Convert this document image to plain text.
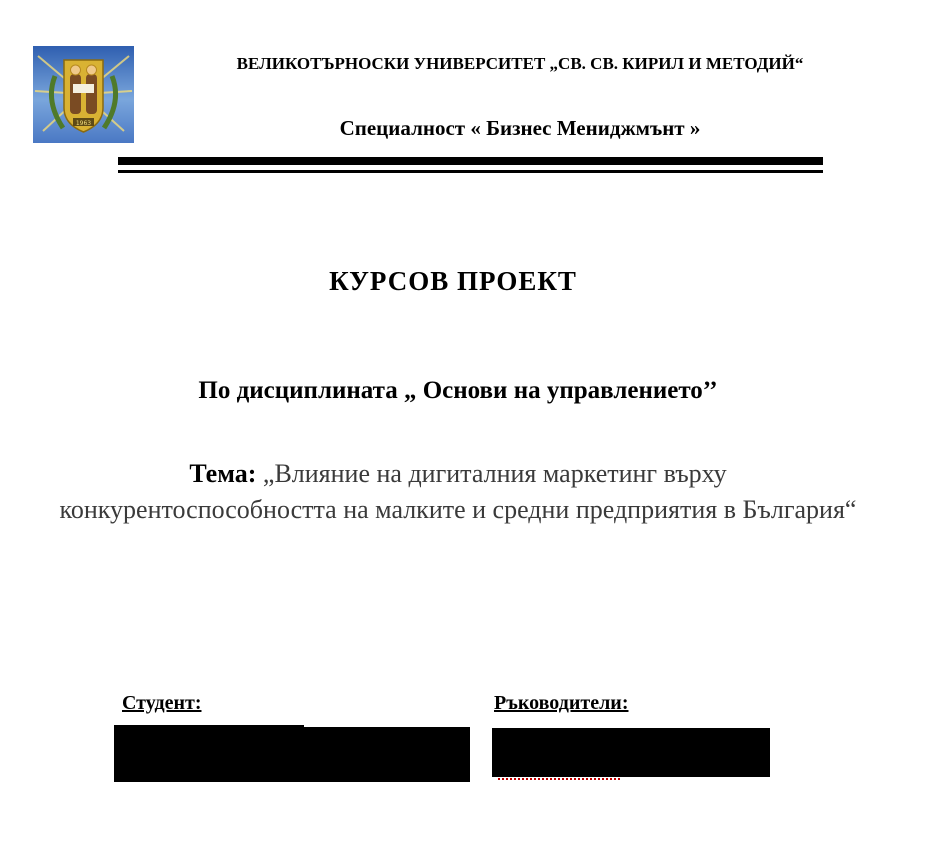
1963
ВЕЛИКОТЪРНОСКИ УНИВЕРСИТЕТ „СВ. СВ. КИРИЛ И МЕТОДИЙ“
Специалност « Бизнес Мениджмънт »
КУРСОВ ПРОЕКТ
По дисциплината „ Основи на управлението’’
Тема: „Влияние на дигиталния маркетинг върху конкурентоспособността на малките и средни предприятия в България“
Студент:	Ръководители:
